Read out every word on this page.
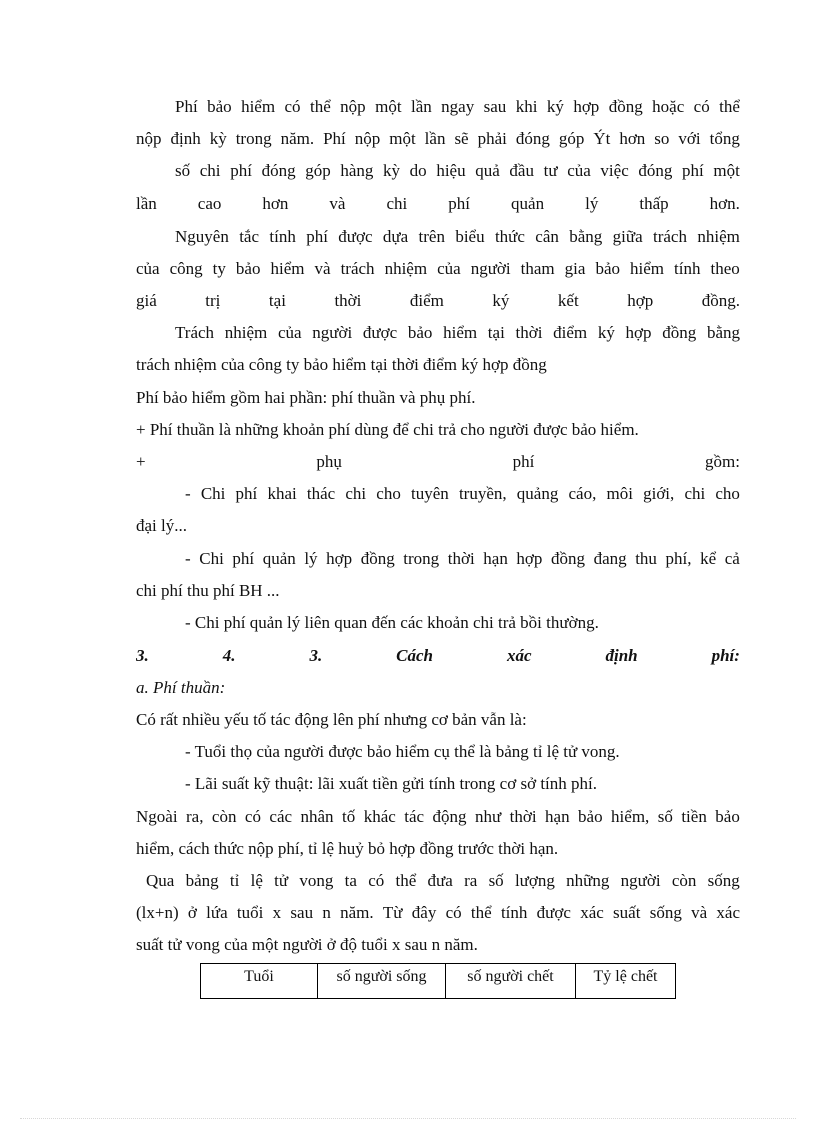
Phí bảo hiểm có thể nộp một lần ngay sau khi ký hợp đồng hoặc có thể
nộp định kỳ trong năm. Phí nộp một lần sẽ phải đóng góp Ýt hơn so với tổng
số chi phí đóng góp hàng kỳ do hiệu quả đầu tư của việc đóng phí một
lần cao hơn và chi phí quản lý thấp hơn.
Nguyên tắc tính phí được dựa trên biểu thức cân bằng giữa trách nhiệm
của công ty bảo hiểm và trách nhiệm của người tham gia bảo hiểm tính theo
giá	trị	tại	thời	điểm	ký	kết	hợp	đồng.
Trách nhiệm của người được bảo hiểm tại thời điểm ký hợp đồng bằng
trách nhiệm của công ty bảo hiểm tại thời điểm ký hợp đồng
Phí bảo hiểm gồm hai phần: phí thuần và phụ phí.
+ Phí thuần là những khoản phí dùng để chi trả cho người được bảo hiểm.
+	phụ	phí	gồm:
- Chi phí khai thác chi cho tuyên truyền, quảng cáo, môi giới, chi cho
đại lý...
- Chi phí quản lý hợp đồng trong thời hạn hợp đồng đang thu phí, kể cả
chi phí thu phí BH ...
- Chi phí quản lý liên quan đến các khoản chi trả bồi thường.
3.	4.	3.	Cách	xác	định	phí:
a. Phí thuần:
Có rất nhiều yếu tố tác động lên phí nhưng cơ bản vẫn là:
- Tuổi thọ của người được bảo hiểm cụ thể là bảng tỉ lệ tử vong.
- Lãi suất kỹ thuật: lãi xuất tiền gửi tính trong cơ sở tính phí.
Ngoài ra, còn có các nhân tố khác tác động như thời hạn bảo hiểm, số tiền bảo
hiểm, cách thức nộp phí, tỉ lệ huỷ bỏ hợp đồng trước thời hạn.
Qua bảng tỉ lệ tử vong ta có thể đưa ra số lượng những người còn sống
(lx+n) ở lứa tuổi x sau n năm. Từ đây có thể tính được xác suất sống và xác
suất tử vong của một người ở độ tuổi x sau n năm.
Tuổi	số người sống	số người chết	Tỷ lệ chết
